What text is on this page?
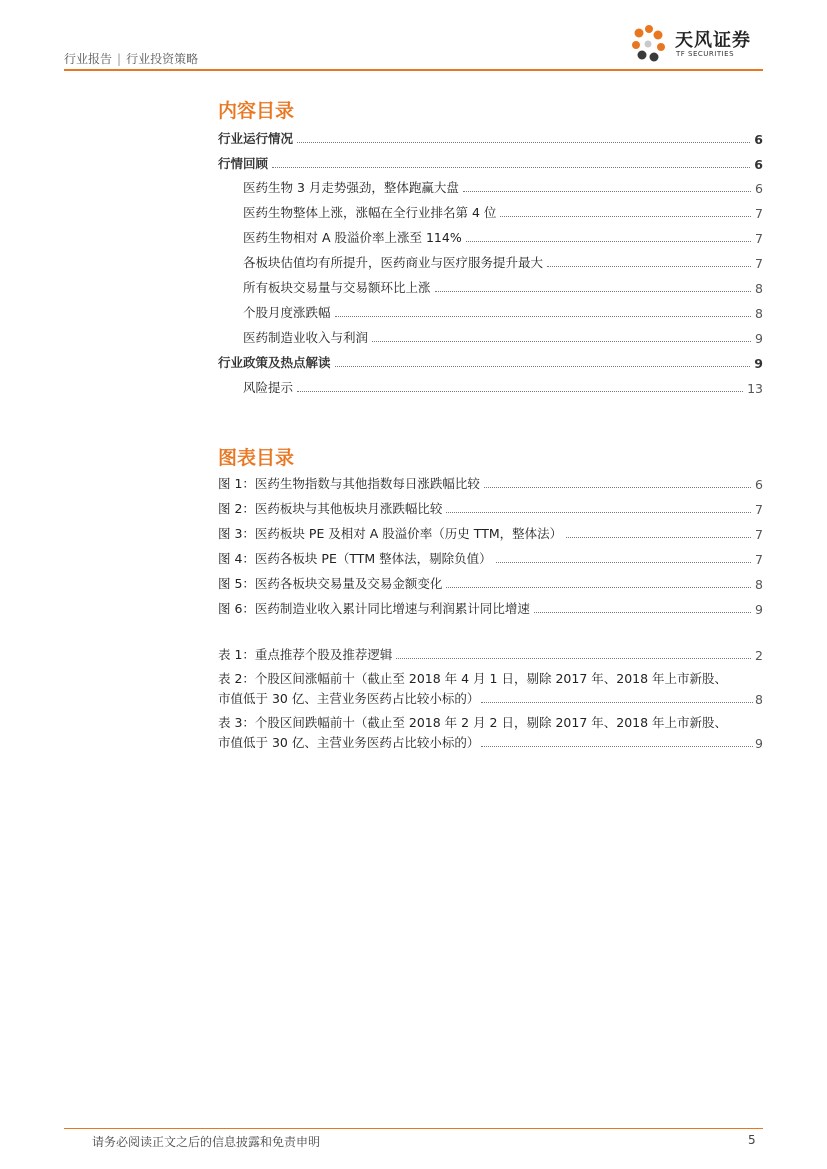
行业报告 | 行业投资策略
天风证券
TF SECURITIES
内容目录
行业运行情况	6
行情回顾	6
医药生物 3 月走势强劲，整体跑赢大盘	6
医药生物整体上涨，涨幅在全行业排名第 4 位	7
医药生物相对 A 股溢价率上涨至 114%	7
各板块估值均有所提升，医药商业与医疗服务提升最大	7
所有板块交易量与交易额环比上涨	8
个股月度涨跌幅	8
医药制造业收入与利润	9
行业政策及热点解读	9
风险提示	13
图表目录
图 1：医药生物指数与其他指数每日涨跌幅比较	6
图 2：医药板块与其他板块月涨跌幅比较	7
图 3：医药板块 PE 及相对 A 股溢价率（历史 TTM，整体法）	7
图 4：医药各板块 PE（TTM 整体法，剔除负值）	7
图 5：医药各板块交易量及交易金额变化	8
图 6：医药制造业收入累计同比增速与利润累计同比增速	9
表 1：重点推荐个股及推荐逻辑	2
表 2：个股区间涨幅前十（截止至 2018 年 4 月 1 日，剔除 2017 年、2018 年上市新股、
市值低于 30 亿、主营业务医药占比较小标的）	8
表 3：个股区间跌幅前十（截止至 2018 年 2 月 2 日，剔除 2017 年、2018 年上市新股、
市值低于 30 亿、主营业务医药占比较小标的）	9
请务必阅读正文之后的信息披露和免责申明	5
